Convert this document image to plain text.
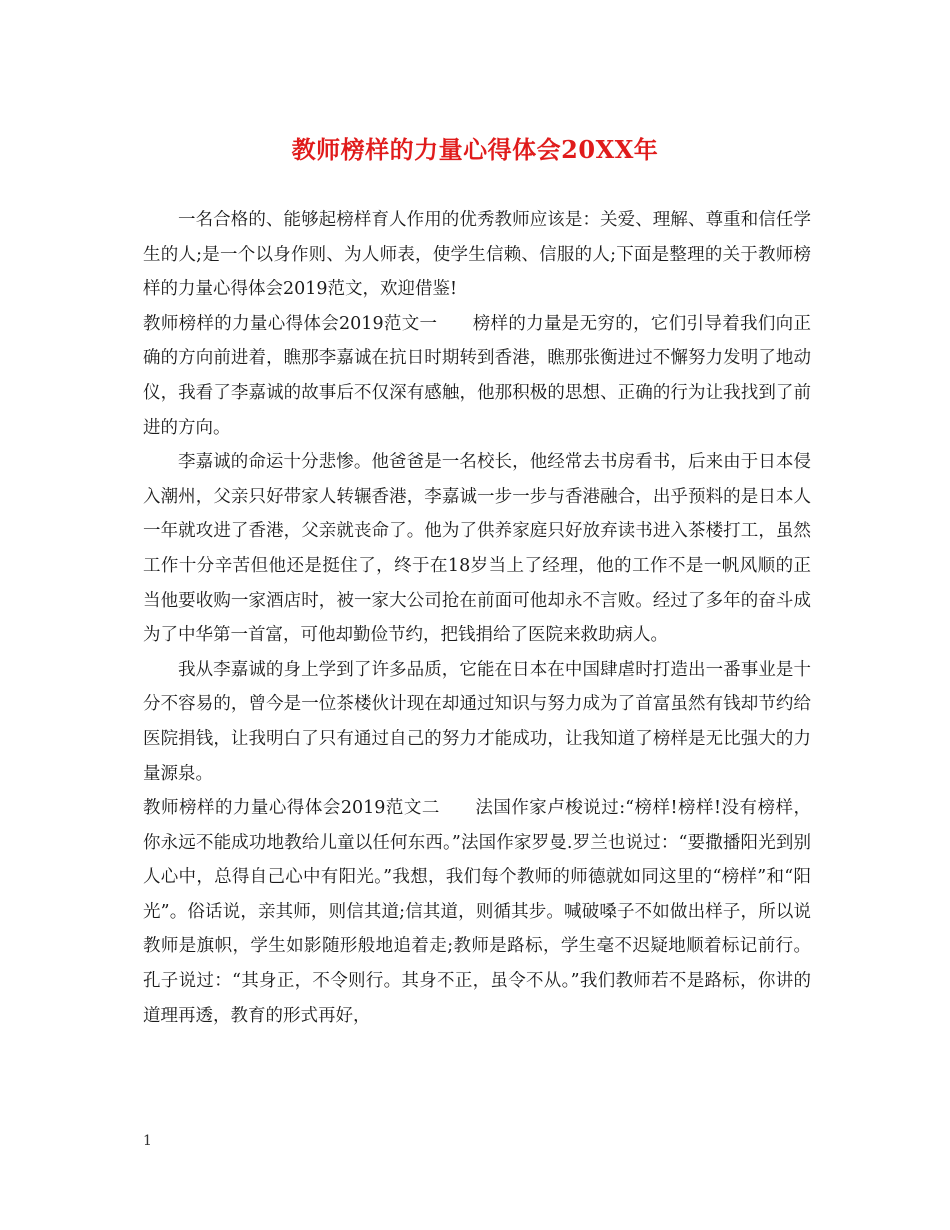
教师榜样的力量心得体会20XX年

一名合格的、能够起榜样育人作用的优秀教师应该是：关爱、理解、尊重和信任学生的人;是一个以身作则、为人师表，使学生信赖、信服的人;下面是整理的关于教师榜样的力量心得体会2019范文，欢迎借鉴!

教师榜样的力量心得体会2019范文一 榜样的力量是无穷的，它们引导着我们向正确的方向前进着，瞧那李嘉诚在抗日时期转到香港，瞧那张衡进过不懈努力发明了地动仪，我看了李嘉诚的故事后不仅深有感触，他那积极的思想、正确的行为让我找到了前进的方向。

李嘉诚的命运十分悲惨。他爸爸是一名校长，他经常去书房看书，后来由于日本侵入潮州，父亲只好带家人转辗香港，李嘉诚一步一步与香港融合，出乎预料的是日本人一年就攻进了香港，父亲就丧命了。他为了供养家庭只好放弃读书进入茶楼打工，虽然工作十分辛苦但他还是挺住了，终于在18岁当上了经理，他的工作不是一帆风顺的正当他要收购一家酒店时，被一家大公司抢在前面可他却永不言败。经过了多年的奋斗成为了中华第一首富，可他却勤俭节约，把钱捐给了医院来救助病人。

我从李嘉诚的身上学到了许多品质，它能在日本在中国肆虐时打造出一番事业是十分不容易的，曾今是一位茶楼伙计现在却通过知识与努力成为了首富虽然有钱却节约给医院捐钱，让我明白了只有通过自己的努力才能成功，让我知道了榜样是无比强大的力量源泉。

教师榜样的力量心得体会2019范文二 法国作家卢梭说过:“榜样!榜样!没有榜样，你永远不能成功地教给儿童以任何东西。”法国作家罗曼.罗兰也说过：“要撒播阳光到别人心中，总得自己心中有阳光。”我想，我们每个教师的师德就如同这里的“榜样”和“阳光”。俗话说，亲其师，则信其道;信其道，则循其步。喊破嗓子不如做出样子，所以说教师是旗帜，学生如影随形般地追着走;教师是路标，学生毫不迟疑地顺着标记前行。孔子说过：“其身正，不令则行。其身不正，虽令不从。”我们教师若不是路标，你讲的道理再透，教育的形式再好，

1
